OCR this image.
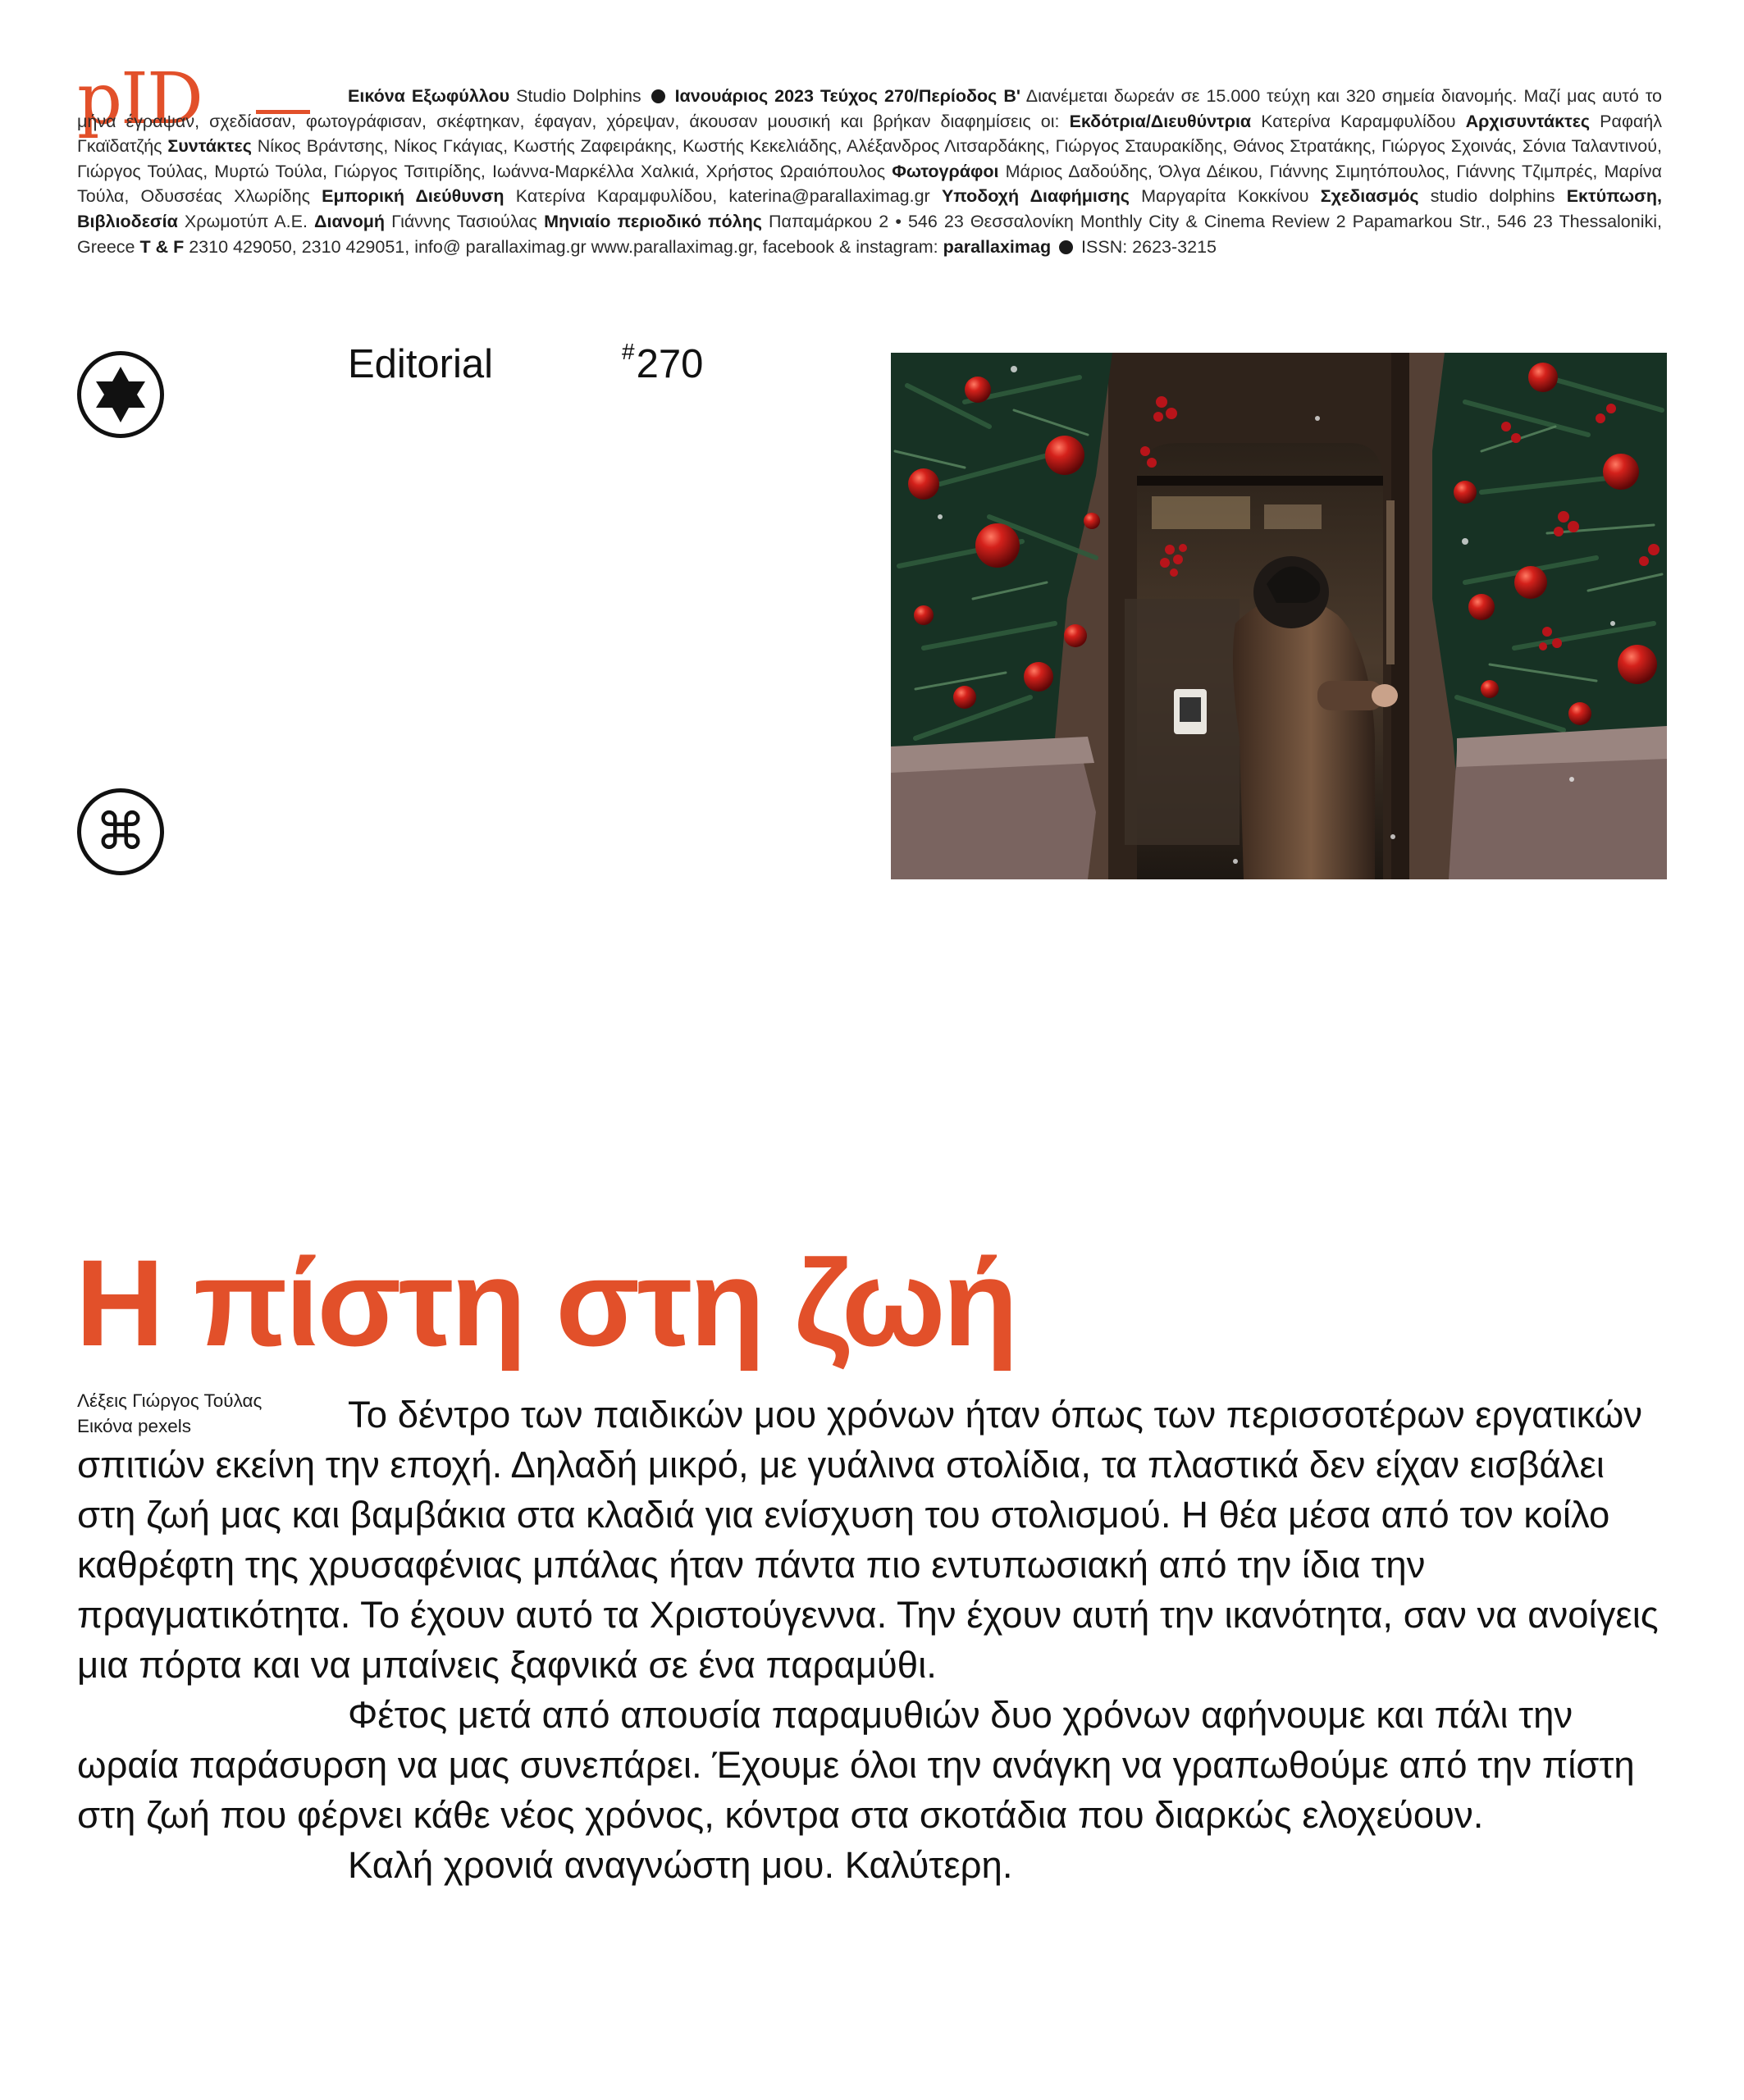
pID	Εικόνα Εξωφύλλου Studio Dolphins  Ιανουάριος 2023 Τεύχος 270/Περίοδος Β' Διανέμεται δωρεάν σε 15.000 τεύχη και 320 σημεία διανομής. Μαζί μας αυτό το μήνα έγραψαν, σχεδίασαν, φωτογράφισαν, σκέφτηκαν, έφαγαν, χόρεψαν, άκουσαν μουσική και βρήκαν διαφημίσεις οι: Εκδότρια/Διευθύντρια Κατερίνα Καραμφυλίδου Αρχισυντάκτες Ραφαήλ Γκαϊδατζής Συντάκτες Νίκος Βράντσης, Νίκος Γκάγιας, Κωστής Ζαφειράκης, Κωστής Κεκελιάδης, Αλέξανδρος Λιτσαρδάκης, Γιώργος Σταυρακίδης, Θάνος Στρατάκης, Γιώργος Σχοινάς, Σόνια Ταλαντινού, Γιώργος Τούλας, Μυρτώ Τούλα, Γιώργος Τσιτιρίδης, Ιωάννα-Μαρκέλλα Χαλκιά, Χρήστος Ωραιόπουλος Φωτογράφοι Μάριος Δαδούδης, Όλγα Δέικου, Γιάννης Σιμητόπουλος, Γιάννης Τζιμπρές, Μαρίνα Τούλα, Οδυσσέας Χλωρίδης Εμπορική Διεύθυνση Κατερίνα Καραμφυλίδου, katerina@parallaximag.gr Υποδοχή Διαφήμισης Μαργαρίτα Κοκκίνου Σχεδιασμός studio dolphins Εκτύπωση, Βιβλιοδεσία Χρωμοτύπ Α.Ε. Διανομή Γιάννης Τασιούλας Μηνιαίο περιοδικό πόλης Παπαμάρκου 2 • 546 23 Θεσσαλονίκη Monthly City & Cinema Review 2 Papamarkou Str., 546 23 Thessaloniki, Greece T & F 2310 429050, 2310 429051, info@ parallaximag.gr www.parallaximag.gr, facebook & instagram: parallaximag  ISSN: 2623-3215
Editorial	#270
⌘
Η πίστη στη ζωή
Λέξεις Γιώργος Τούλας
Εικόνα pexels	Το δέντρο των παιδικών μου χρόνων ήταν όπως των περισσοτέρων εργατικών σπιτιών εκείνη την εποχή. Δηλαδή μικρό, με γυάλινα στολίδια, τα πλαστικά δεν είχαν εισβάλει στη ζωή μας και βαμβάκια στα κλαδιά για ενίσχυση του στολισμού. Η θέα μέσα από τον κοίλο καθρέφτη της χρυσαφένιας μπάλας ήταν πάντα πιο εντυπωσιακή από την ίδια την πραγματικότητα. Το έχουν αυτό τα Χριστούγεννα. Την έχουν αυτή την ικανότητα, σαν να ανοίγεις μια πόρτα και να μπαίνεις ξαφνικά σε ένα παραμύθι.

Φέτος μετά από απουσία παραμυθιών δυο χρόνων αφήνουμε και πάλι την ωραία παράσυρση να μας συνεπάρει. Έχουμε όλοι την ανάγκη να γραπωθούμε από την πίστη στη ζωή που φέρνει κάθε νέος χρόνος, κόντρα στα σκοτάδια που διαρκώς ελοχεύουν.

Καλή χρονιά αναγνώστη μου. Καλύτερη.
